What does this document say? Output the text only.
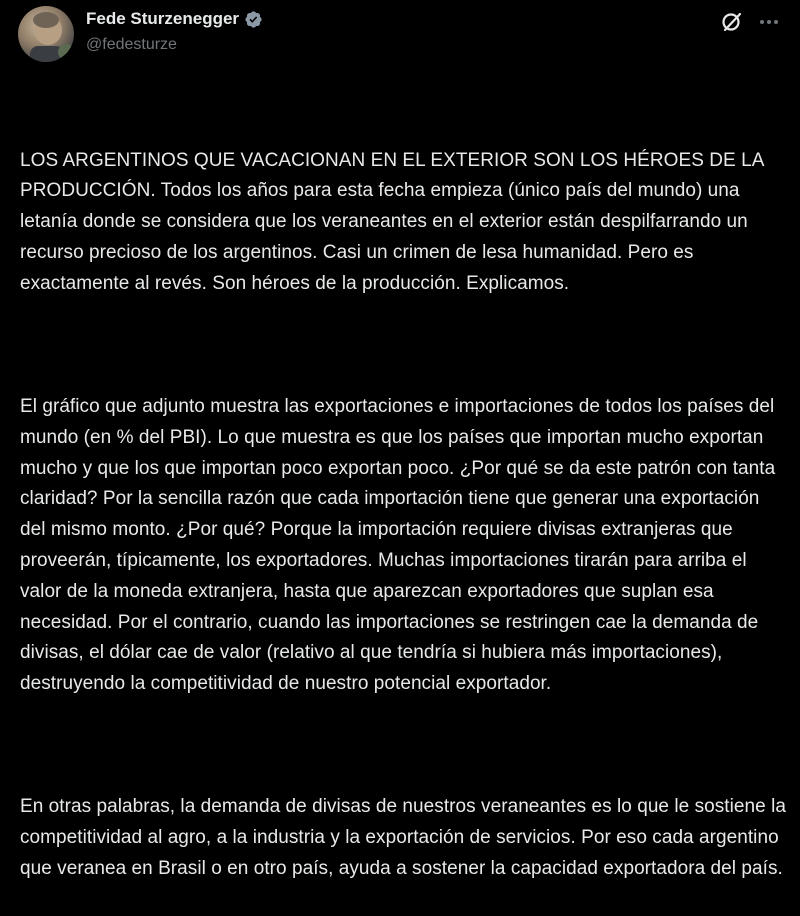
Fede Sturzenegger
@fedesturze

LOS ARGENTINOS QUE VACACIONAN EN EL EXTERIOR SON LOS HÉROES DE LA PRODUCCIÓN. Todos los años para esta fecha empieza (único país del mundo) una letanía donde se considera que los veraneantes en el exterior están despilfarrando un recurso precioso de los argentinos. Casi un crimen de lesa humanidad. Pero es exactamente al revés. Son héroes de la producción. Explicamos.

El gráfico que adjunto muestra las exportaciones e importaciones de todos los países del mundo (en % del PBI). Lo que muestra es que los países que importan mucho exportan mucho y que los que importan poco exportan poco. ¿Por qué se da este patrón con tanta claridad? Por la sencilla razón que cada importación tiene que generar una exportación del mismo monto. ¿Por qué? Porque la importación requiere divisas extranjeras que proveerán, típicamente, los exportadores. Muchas importaciones tirarán para arriba el valor de la moneda extranjera, hasta que aparezcan exportadores que suplan esa necesidad. Por el contrario, cuando las importaciones se restringen cae la demanda de divisas, el dólar cae de valor (relativo al que tendría si hubiera más importaciones), destruyendo la competitividad de nuestro potencial exportador.

En otras palabras, la demanda de divisas de nuestros veraneantes es lo que le sostiene la competitividad al agro, a la industria y la exportación de servicios. Por eso cada argentino que veranea en Brasil o en otro país, ayuda a sostener la capacidad exportadora del país.
